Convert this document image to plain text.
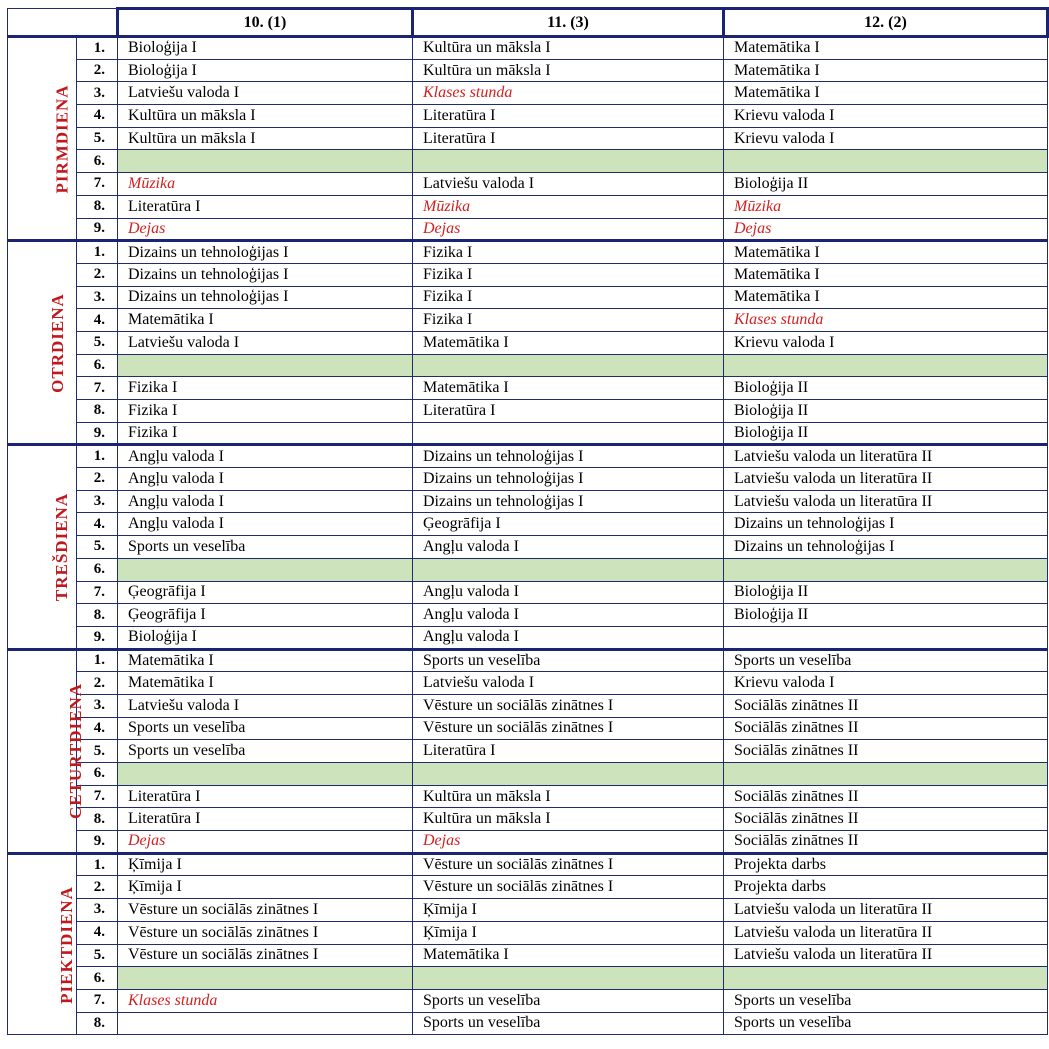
		10. (1)	11. (3)	12. (2)
PIRMDIENA	1.	Bioloģija I	Kultūra un māksla I	Matemātika I
	2.	Bioloģija I	Kultūra un māksla I	Matemātika I
	3.	Latviešu valoda I	Klases stunda	Matemātika I
	4.	Kultūra un māksla I	Literatūra I	Krievu valoda I
	5.	Kultūra un māksla I	Literatūra I	Krievu valoda I
	6.			
	7.	Mūzika	Latviešu valoda I	Bioloģija II
	8.	Literatūra I	Mūzika	Mūzika
	9.	Dejas	Dejas	Dejas
OTRDIENA	1.	Dizains un tehnoloģijas I	Fizika I	Matemātika I
	2.	Dizains un tehnoloģijas I	Fizika I	Matemātika I
	3.	Dizains un tehnoloģijas I	Fizika I	Matemātika I
	4.	Matemātika I	Fizika I	Klases stunda
	5.	Latviešu valoda I	Matemātika I	Krievu valoda I
	6.			
	7.	Fizika I	Matemātika I	Bioloģija II
	8.	Fizika I	Literatūra I	Bioloģija II
	9.	Fizika I		Bioloģija II
TREŠDIENA	1.	Angļu valoda I	Dizains un tehnoloģijas I	Latviešu valoda un literatūra II
	2.	Angļu valoda I	Dizains un tehnoloģijas I	Latviešu valoda un literatūra II
	3.	Angļu valoda I	Dizains un tehnoloģijas I	Latviešu valoda un literatūra II
	4.	Angļu valoda I	Ģeogrāfija I	Dizains un tehnoloģijas I
	5.	Sports un veselība	Angļu valoda I	Dizains un tehnoloģijas I
	6.			
	7.	Ģeogrāfija I	Angļu valoda I	Bioloģija II
	8.	Ģeogrāfija I	Angļu valoda I	Bioloģija II
	9.	Bioloģija I	Angļu valoda I	
CETURTDIENA	1.	Matemātika I	Sports un veselība	Sports un veselība
	2.	Matemātika I	Latviešu valoda I	Krievu valoda I
	3.	Latviešu valoda I	Vēsture un sociālās zinātnes I	Sociālās zinātnes II
	4.	Sports un veselība	Vēsture un sociālās zinātnes I	Sociālās zinātnes II
	5.	Sports un veselība	Literatūra I	Sociālās zinātnes II
	6.			
	7.	Literatūra I	Kultūra un māksla I	Sociālās zinātnes II
	8.	Literatūra I	Kultūra un māksla I	Sociālās zinātnes II
	9.	Dejas	Dejas	Sociālās zinātnes II
PIEKTDIENA	1.	Ķīmija I	Vēsture un sociālās zinātnes I	Projekta darbs
	2.	Ķīmija I	Vēsture un sociālās zinātnes I	Projekta darbs
	3.	Vēsture un sociālās zinātnes I	Ķīmija I	Latviešu valoda un literatūra II
	4.	Vēsture un sociālās zinātnes I	Ķīmija I	Latviešu valoda un literatūra II
	5.	Vēsture un sociālās zinātnes I	Matemātika I	Latviešu valoda un literatūra II
	6.			
	7.	Klases stunda	Sports un veselība	Sports un veselība
	8.		Sports un veselība	Sports un veselība
